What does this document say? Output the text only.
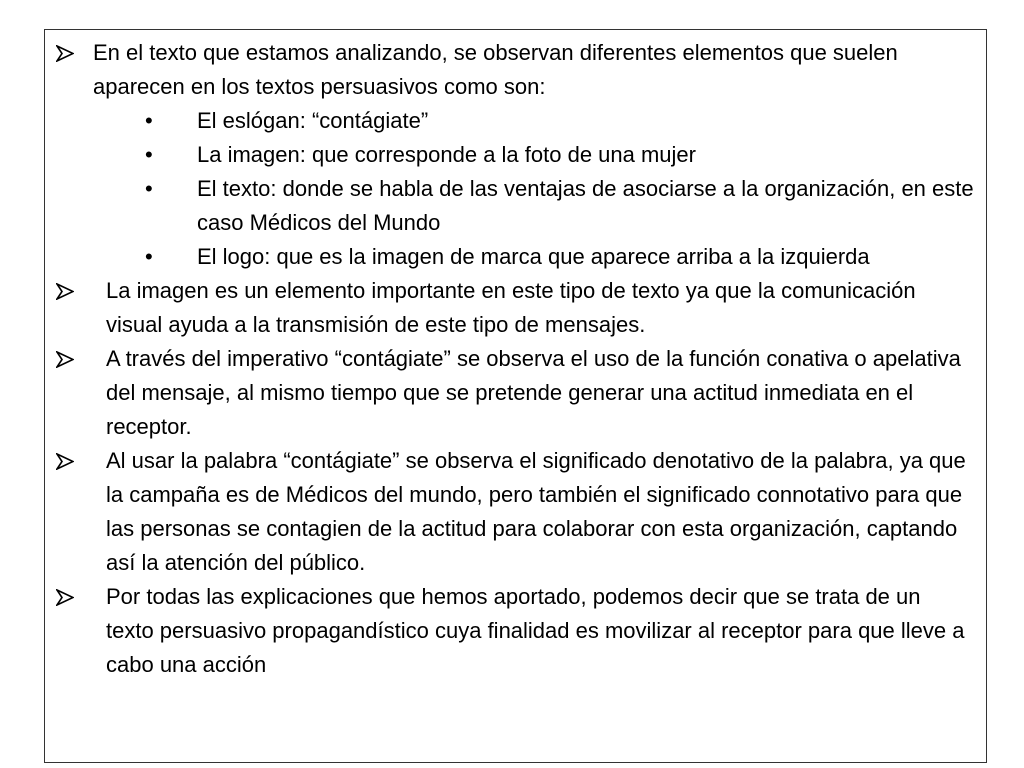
En el texto que estamos analizando, se observan diferentes elementos que suelen aparecen en los textos persuasivos como son:
• El eslógan: “contágiate”
• La imagen: que corresponde a la foto de una mujer
• El texto: donde se habla de las ventajas de asociarse a la organización, en este caso Médicos del Mundo
• El logo: que es la imagen de marca que aparece arriba a la izquierda
La imagen es un elemento importante en este tipo de texto ya que la comunicación visual ayuda a la transmisión de este tipo de mensajes.
A través del imperativo “contágiate” se observa el uso de la función conativa o apelativa del mensaje, al mismo tiempo que se pretende generar una actitud inmediata en el receptor.
Al usar la palabra “contágiate” se observa el significado denotativo de la palabra, ya que la campaña es de Médicos del mundo, pero también el significado connotativo para que las personas se contagien de la actitud para colaborar con esta organización, captando así la atención del público.
Por todas las explicaciones que hemos aportado, podemos decir que se trata de un texto persuasivo propagandístico cuya finalidad es movilizar al receptor para que lleve a cabo una acción
